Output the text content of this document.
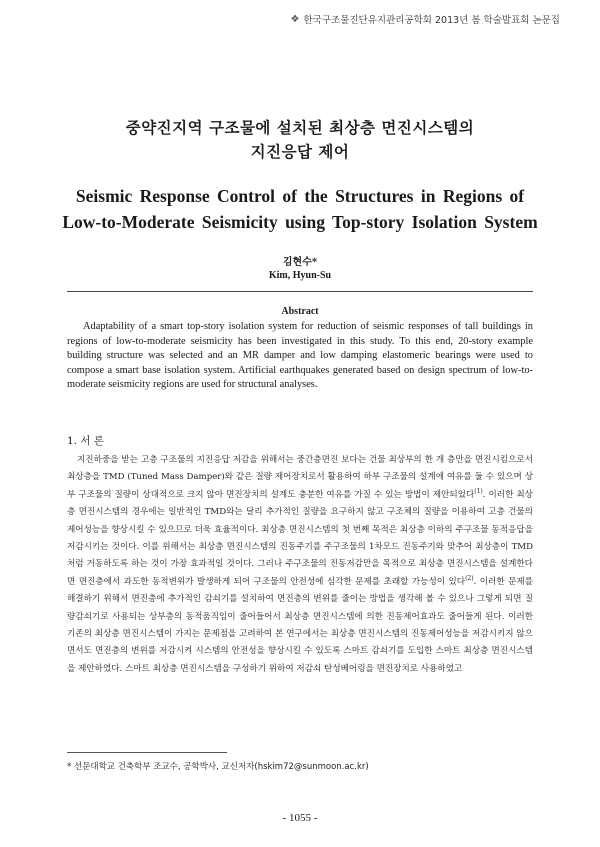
❖ 한국구조물진단유지관리공학회 2013년 봄 학술발표회 논문집
중약진지역 구조물에 설치된 최상층 면진시스템의
지진응답 제어
Seismic Response Control of the Structures in Regions of
Low-to-Moderate Seismicity using Top-story Isolation System
김현수*
Kim, Hyun-Su
Abstract

Adaptability of a smart top-story isolation system for reduction of seismic responses of tall buildings in regions of low-to-moderate seismicity has been investigated in this study. To this end, 20-story example building structure was selected and an MR damper and low damping elastomeric bearings were used to compose a smart base isolation system. Artificial earthquakes generated based on design spectrum of low-to-moderate seismicity regions are used for structural analyses.

1. 서 론

지진하중을 받는 고층 구조물의 지진응답 저감을 위해서는 중간층면진 보다는 건물 최상부의 한 개 층만을 면진시킴으로서 최상층을 TMD (Tuned Mass Damper)와 같은 질량 제어장치로서 활용하여 하부 구조물의 설계에 여유를 둘 수 있으며 상부 구조물의 질량이 상대적으로 크지 않아 면진장치의 설계도 충분한 여유를 가질 수 있는 방법이 제안되었다$^{(1)}$. 이러한 최상층 면진시스템의 경우에는 일반적인 TMD와는 달리 추가적인 질량을 요구하지 않고 구조체의 질량을 이용하여 고층 건물의 제어성능을 향상시킬 수 있으므로 더욱 효율적이다. 최상층 면진시스템의 첫 번째 목적은 최상층 이하의 주구조물 동적응답을 저감시키는 것이다. 이를 위해서는 최상층 면진시스템의 진동주기를 주구조물의 1차모드 진동주기와 맞추어 최상층이 TMD처럼 거동하도록 하는 것이 가장 효과적일 것이다. 그러나 주구조물의 진동저감만을 목적으로 최상층 면진시스템을 설계한다면 면진층에서 과도한 동적변위가 발생하게 되어 구조물의 안전성에 심각한 문제를 초래할 가능성이 있다$^{(2)}$. 이러한 문제를 해결하기 위해서 면진층에 추가적인 감쇠기를 설치하여 면진층의 변위를 줄이는 방법을 생각해 볼 수 있으나 그렇게 되면 질량감쇠기로 사용되는 상부층의 동적움직임이 줄어들어서 최상층 면진시스템에 의한 진동제어효과도 줄어들게 된다. 이러한 기존의 최상층 면진시스템이 가지는 문제점을 고려하여 본 연구에서는 최상층 면진시스템의 진동제어성능을 저감시키지 않으면서도 면진층의 변위를 저감시켜 시스템의 안전성을 향상시킬 수 있도록 스마트 감쇠기를 도입한 스마트 최상층 면진시스템을 제안하였다. 스마트 최상층 면진시스템을 구성하기 위하여 저감쇠 탄성베어링을 면진장치로 사용하였고

* 선문대학교 건축학부 조교수, 공학박사, 교신저자(hskim72@sunmoon.ac.kr)
- 1055 -
